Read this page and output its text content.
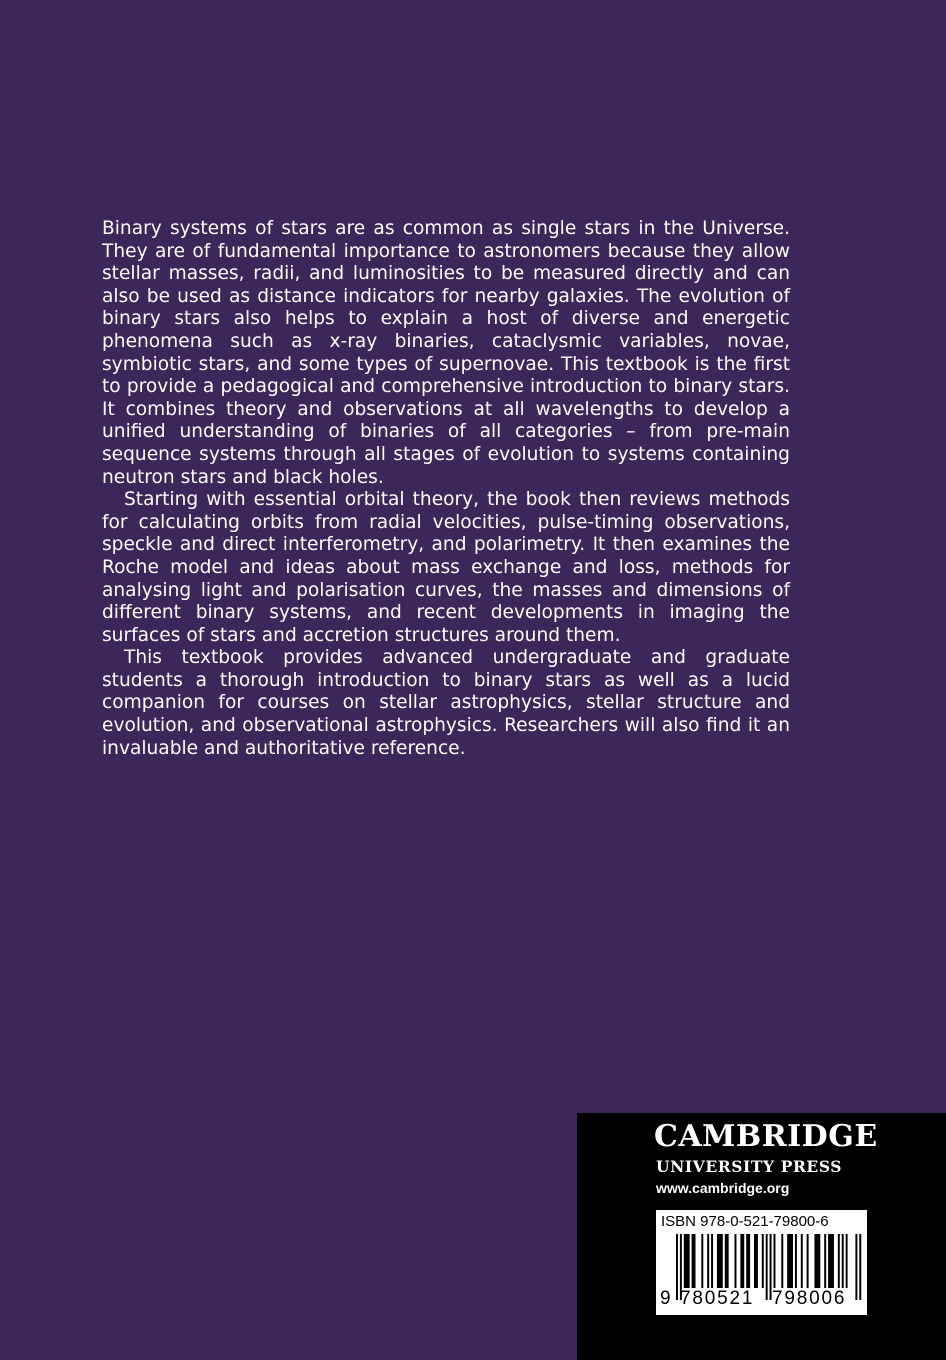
Binary systems of stars are as common as single stars in the Universe. They are of fundamental importance to astronomers because they allow stellar masses, radii, and luminosities to be measured directly and can also be used as distance indicators for nearby galaxies. The evolution of binary stars also helps to explain a host of diverse and energetic phenomena such as x-ray binaries, cataclysmic variables, novae, symbiotic stars, and some types of supernovae. This textbook is the first to provide a pedagogical and comprehensive introduction to binary stars. It combines theory and observations at all wavelengths to develop a unified understanding of binaries of all categories – from pre-main sequence systems through all stages of evolution to systems containing neutron stars and black holes.

Starting with essential orbital theory, the book then reviews methods for calculating orbits from radial velocities, pulse-timing observations, speckle and direct interferometry, and polarimetry. It then examines the Roche model and ideas about mass exchange and loss, methods for analysing light and polarisation curves, the masses and dimensions of different binary systems, and recent developments in imaging the surfaces of stars and accretion structures around them.

This textbook provides advanced undergraduate and graduate students a thorough introduction to binary stars as well as a lucid companion for courses on stellar astrophysics, stellar structure and evolution, and observational astrophysics. Researchers will also find it an invaluable and authoritative reference.

CAMBRIDGE
UNIVERSITY PRESS
www.cambridge.org
ISBN 978-0-521-79800-6
9 780521 798006
